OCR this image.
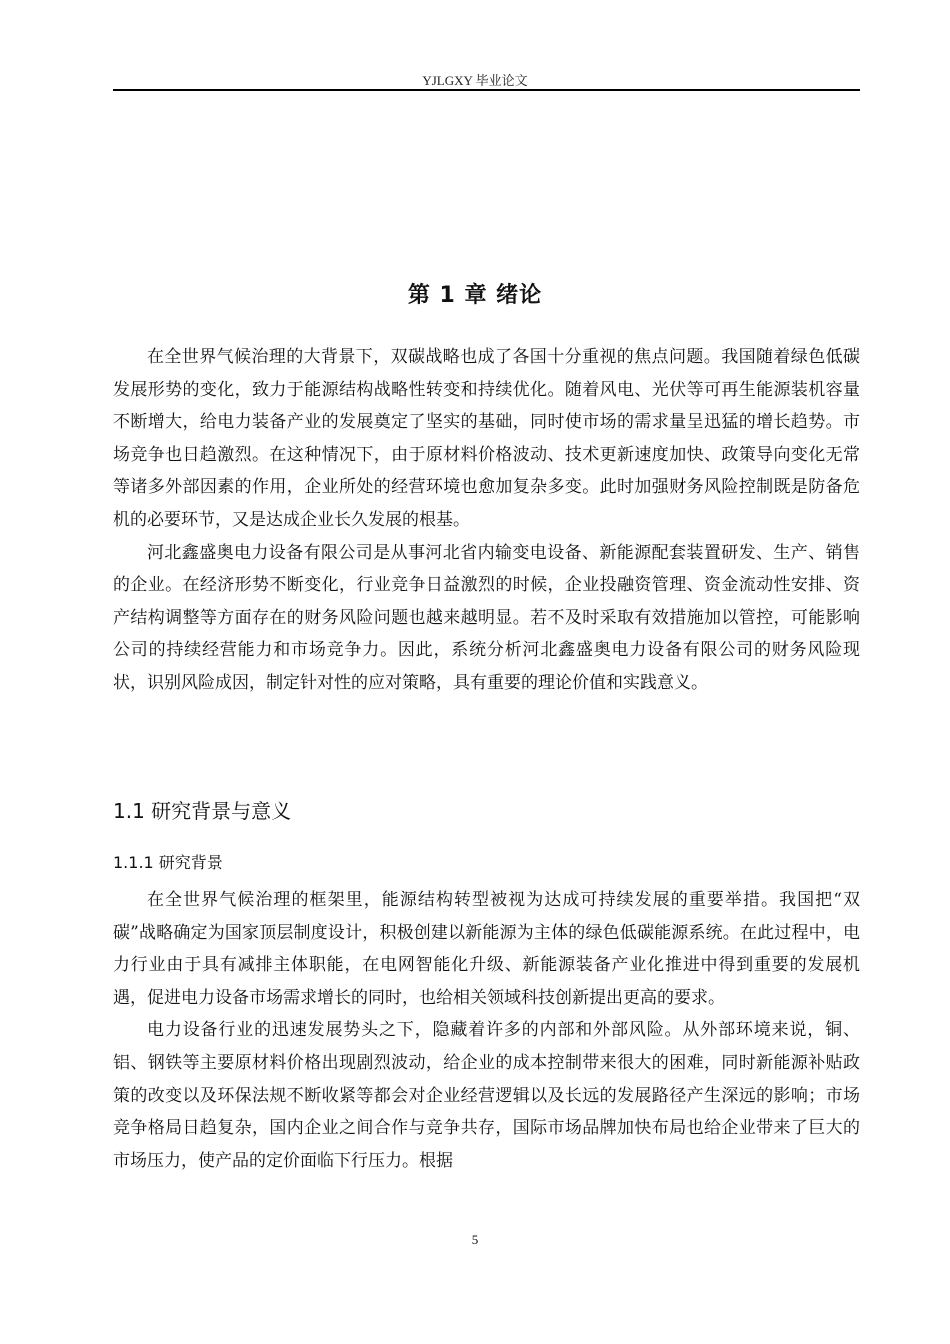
YJLGXY 毕业论文
第 1 章 绪论

在全世界气候治理的大背景下，双碳战略也成了各国十分重视的焦点问题。我国随着绿色低碳发展形势的变化，致力于能源结构战略性转变和持续优化。随着风电、光伏等可再生能源装机容量不断增大，给电力装备产业的发展奠定了坚实的基础，同时使市场的需求量呈迅猛的增长趋势。市场竞争也日趋激烈。在这种情况下，由于原材料价格波动、技术更新速度加快、政策导向变化无常等诸多外部因素的作用，企业所处的经营环境也愈加复杂多变。此时加强财务风险控制既是防备危机的必要环节，又是达成企业长久发展的根基。

河北鑫盛奥电力设备有限公司是从事河北省内输变电设备、新能源配套装置研发、生产、销售的企业。在经济形势不断变化，行业竞争日益激烈的时候，企业投融资管理、资金流动性安排、资产结构调整等方面存在的财务风险问题也越来越明显。若不及时采取有效措施加以管控，可能影响公司的持续经营能力和市场竞争力。因此，系统分析河北鑫盛奥电力设备有限公司的财务风险现状，识别风险成因，制定针对性的应对策略，具有重要的理论价值和实践意义。

1.1 研究背景与意义
1.1.1 研究背景

在全世界气候治理的框架里，能源结构转型被视为达成可持续发展的重要举措。我国把“双碳”战略确定为国家顶层制度设计，积极创建以新能源为主体的绿色低碳能源系统。在此过程中，电力行业由于具有减排主体职能，在电网智能化升级、新能源装备产业化推进中得到重要的发展机遇，促进电力设备市场需求增长的同时，也给相关领域科技创新提出更高的要求。

电力设备行业的迅速发展势头之下，隐藏着许多的内部和外部风险。从外部环境来说，铜、铝、钢铁等主要原材料价格出现剧烈波动，给企业的成本控制带来很大的困难，同时新能源补贴政策的改变以及环保法规不断收紧等都会对企业经营逻辑以及长远的发展路径产生深远的影响；市场竞争格局日趋复杂，国内企业之间合作与竞争共存，国际市场品牌加快布局也给企业带来了巨大的市场压力，使产品的定价面临下行压力。根据

5
